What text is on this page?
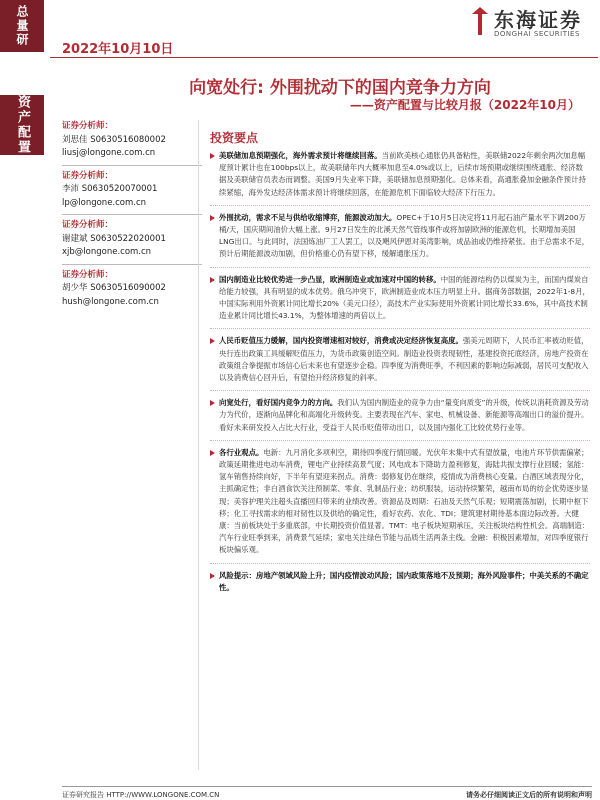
总量研
2022年10月10日
东海证券
DONGHAI SECURITIES
资产配置
向宽处行: 外围扰动下的国内竞争力方向
——资产配置与比较月报（2022年10月）
证券分析师：
刘思佳 S0630516080002
liusj@longone.com.cn
证券分析师：
李沛 S0630520070001
lp@longone.com.cn
证券分析师：
谢建斌 S0630522020001
xjb@longone.com.cn
证券分析师：
胡少华 S0630516090002
hush@longone.com.cn
投资要点
美联储加息预期强化，海外需求预计将继续回落。当前欧美核心通胀仍具备粘性，美联储2022年剩余两次加息幅度预计累计也在100bps以上，故美联储年内大概率加息至4.0%或以上，后续市场预期或继续围绕通胀、经济数据及美联储官员表态而调整。美国9月失业率下降，美联储加息预期强化。总体来看，高通胀叠加金融条件预计持续紧缩，海外发达经济体需求预计将继续回落，在能源危机下面临较大经济下行压力。
外围扰动，需求不足与供给收缩博弈，能源波动加大。OPEC+于10月5日决定将11月起石油产量水平下调200万桶/天，国庆期间油价大幅上涨。9月27日发生的北溪天然气管线事件或将加剧欧洲的能源危机，长期增加美国LNG出口。与此同时，法国炼油厂工人罢工，以及飓风伊恩对美湾影响，成品油或仍维持紧张。由于总需求不足，预计后期能源波动加剧，但价格重心仍有望下移，缓解通胀压力。
国内制造业比较优势进一步凸显，欧洲制造业或加速对中国的转移。中国的能源结构仍以煤炭为主，而国内煤炭自给能力较强，具有明显的成本优势。俄乌冲突下，欧洲制造业成本压力明显上升。据商务部数据，2022年1-8月，中国实际利用外资累计同比增长20%（美元口径），高技术产业实际使用外资累计同比增长33.6%，其中高技术制造业累计同比增长43.1%，为整体增速的两倍以上。
人民币贬值压力缓解，国内投资增速相对较好，消费或决定经济恢复高度。强美元周期下，人民币汇率被动贬值，央行连出政策工具缓解贬值压力，为货币政策创造空间。制造业投资表现韧性，基建投资托底经济，房地产投资在政策组合拳提振市场信心后未来也有望逐步企稳。四季度为消费旺季，不利因素的影响边际减弱，居民可支配收入以及消费信心回升后，有望抬升经济修复的斜率。
向宽处行，看好国内竞争力的方向。我们认为国内制造业的竞争力由“量变向质变”的升级，传统以消耗资源及劳动力为代价，逐渐向品牌化和高端化升级转变。主要表现在汽车、家电、机械设备、新能源等高端出口的溢价提升。看好未来研发投入占比大行业，受益于人民币贬值带动出口，以及国内强化工比较优势行业等。
各行业观点。电新：九月消化多项利空，期待四季度行情回暖。光伏年末集中式有望放量，电池片环节供需偏紧；政策延期推进电动车消费，锂电产业持续高景气度；风电成本下降助力盈利修复，海陆共振支撑行业回暖；氢能：氢车销售持续向好，下半年有望迎来拐点。消费：弱修复仍在继续，疫情成为消费核心变量。白酒区域表现分化，主抓确定性；非白酒食饮关注预制菜、零食、乳制品行业；纺织服装，运动持续繁荣，越南布局的纺企优势逐步显现；美容护理关注超头直播回归带来的业绩改善。资源品及周期：石油及天然气乐观；短期震荡加剧，长期中枢下移；化工寻找需求的相对韧性以及供给的确定性，看好农药、农化、TDI；建筑建材期待基本面边际改善。大健康：当前板块处于多重底部，中长期投资价值显著。TMT：电子板块短期承压，关注板块结构性机会。高端制造：汽车行业旺季到来，消费景气延续；家电关注绿色节能与品质生活两条主线。金融：积极因素增加，对四季度银行板块偏乐观。
风险提示：房地产领域风险上升；国内疫情波动风险；国内政策落地不及预期；海外风险事件；中美关系的不确定性。
证券研究报告 HTTP://WWW.LONGONE.COM.CN	请务必仔细阅读正文后的所有说明和声明
